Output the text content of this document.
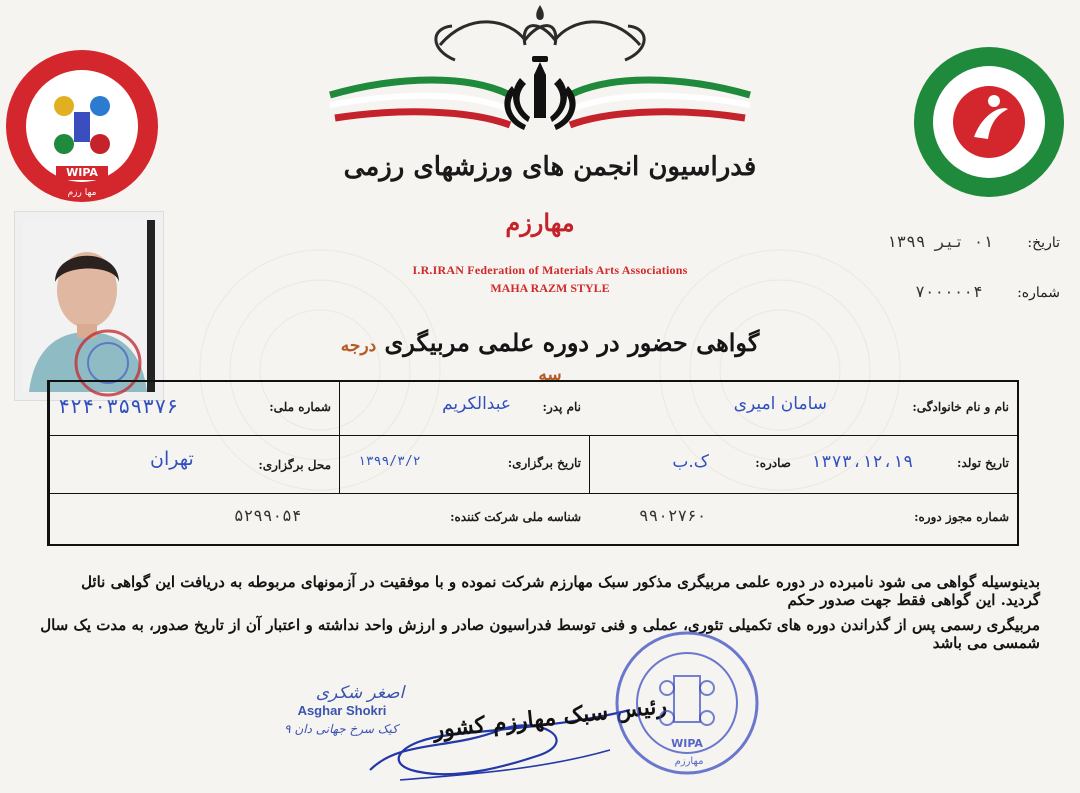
WIPA
مها رزم
فدراسیون انجمن های ورزشهای رزمی
مهارزم
I.R.IRAN Federation of Materials Arts Associations
MAHA RAZM STYLE
تاریخ: ۰۱ تیر ۱۳۹۹
شماره: ۷۰۰۰۰۰۴
گواهی حضور در دوره علمی مربیگری درجه سه
نام و نام خانوادگی:
سامان امیری
نام پدر:
عبدالکریم
شماره ملی:
۴۲۴۰۳۵۹۳۷۶
تاریخ تولد:
۱۳۷۳،۱۲،۱۹
صادره:
ک.ب
تاریخ برگزاری:
۱۳۹۹/۳/۲
محل برگزاری:
تهران
شماره مجوز دوره:
۹۹۰۲۷۶۰
شناسه ملی شرکت کننده:
۵۲۹۹۰۵۴
بدینوسیله گواهی می شود نامبرده در دوره علمی مربیگری مذکور سبک مهارزم شرکت نموده و با موفقیت در آزمونهای مربوطه به دریافت این گواهی نائل گردید. این گواهی فقط جهت صدور حکم
مربیگری رسمی پس از گذراندن دوره های تکمیلی تئوری، عملی و فنی توسط فدراسیون صادر و ارزش واحد نداشته و اعتبار آن از تاریخ صدور، به مدت یک سال شمسی می باشد
اصغر شکری
Asghar Shokri
کیک سرخ جهانی دان ۹	رئیس سبک مهارزم کشور
WIPA
مهارزم
